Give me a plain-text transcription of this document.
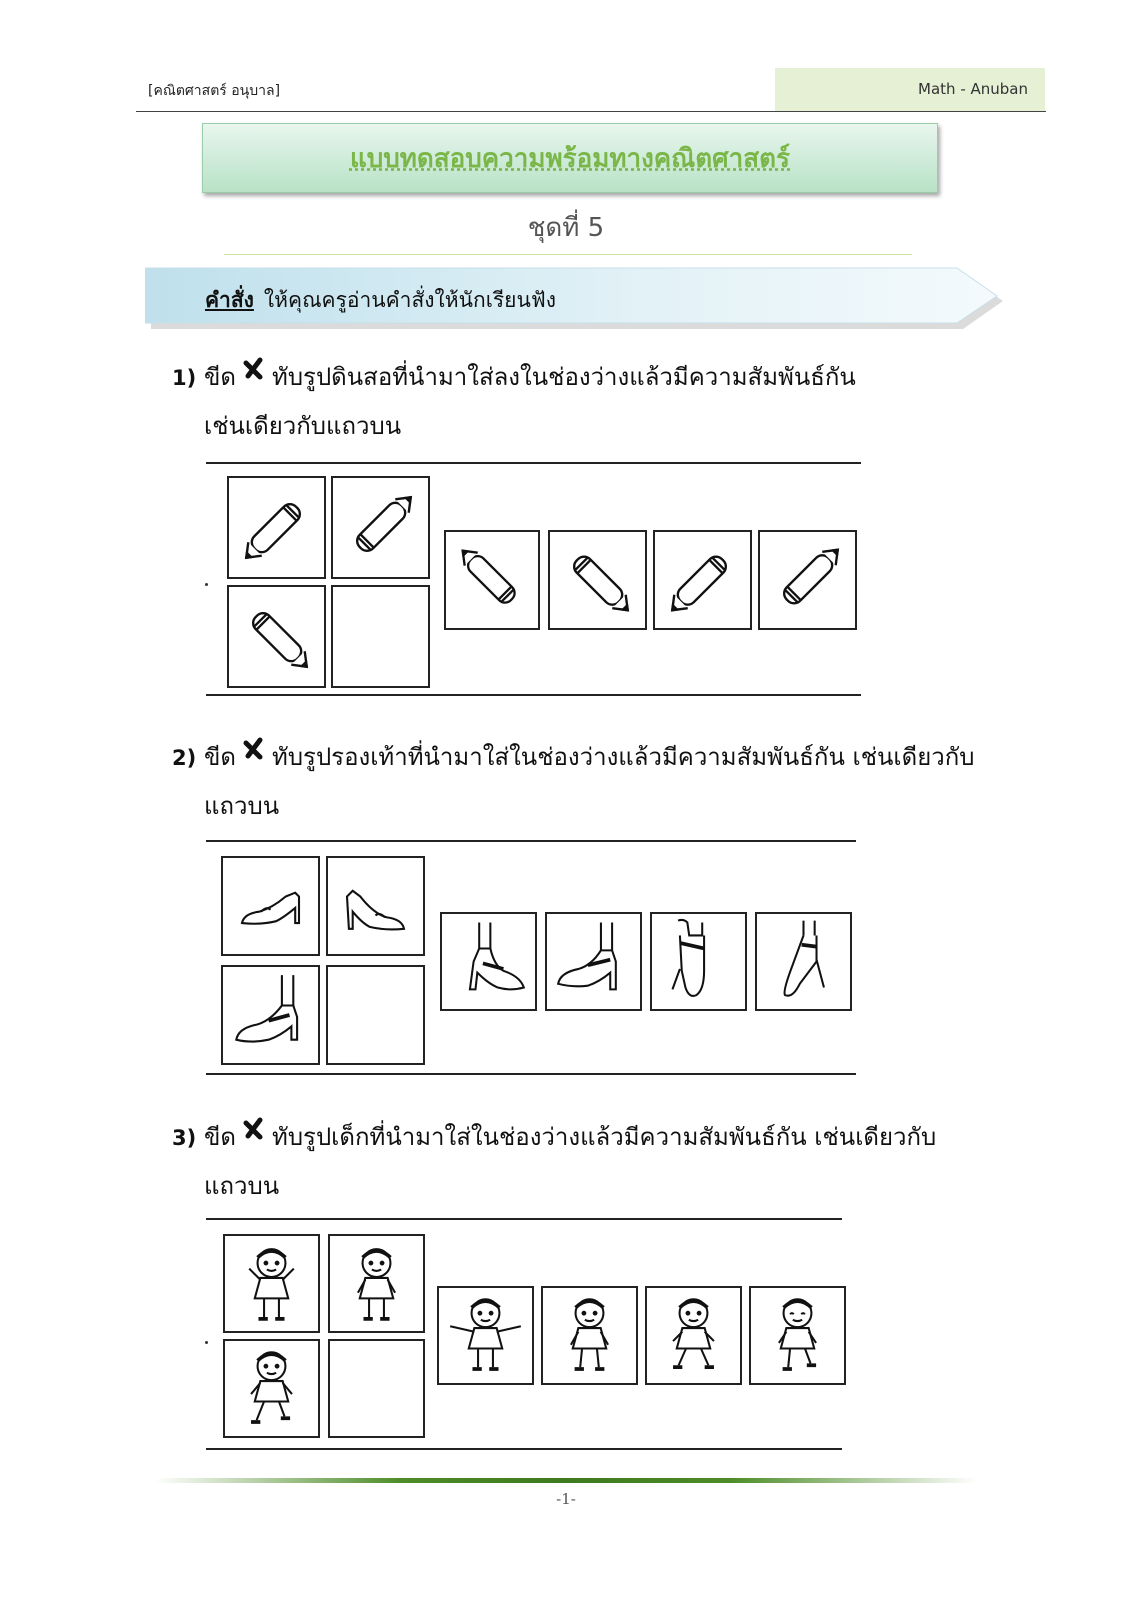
[คณิตศาสตร์ อนุบาล]	Math - Anuban
แบบทดสอบความพร้อมทางคณิตศาสตร์
ชุดที่ 5
คำสั่ง ให้คุณครูอ่านคำสั่งให้นักเรียนฟัง
1) ขีด ทับรูปดินสอที่นำมาใส่ลงในช่องว่างแล้วมีความสัมพันธ์กัน
เช่นเดียวกับแถวบน
2) ขีด ทับรูปรองเท้าที่นำมาใส่ในช่องว่างแล้วมีความสัมพันธ์กัน เช่นเดียวกับ
แถวบน
3) ขีด ทับรูปเด็กที่นำมาใส่ในช่องว่างแล้วมีความสัมพันธ์กัน เช่นเดียวกับ
แถวบน
-1-
